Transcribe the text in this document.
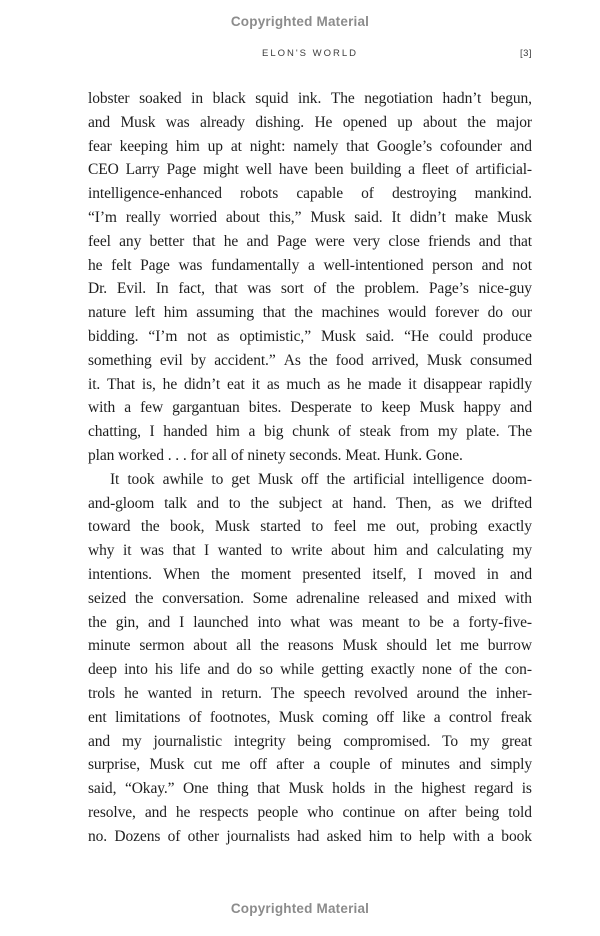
Copyrighted Material
ELON'S WORLD	[3]
lobster soaked in black squid ink. The negotiation hadn’t begun,
and Musk was already dishing. He opened up about the major
fear keeping him up at night: namely that Google’s cofounder and
CEO Larry Page might well have been building a fleet of artificial-
intelligence-enhanced robots capable of destroying mankind.
“I’m really worried about this,” Musk said. It didn’t make Musk
feel any better that he and Page were very close friends and that
he felt Page was fundamentally a well-intentioned person and not
Dr. Evil. In fact, that was sort of the problem. Page’s nice-guy
nature left him assuming that the machines would forever do our
bidding. “I’m not as optimistic,” Musk said. “He could produce
something evil by accident.” As the food arrived, Musk consumed
it. That is, he didn’t eat it as much as he made it disappear rapidly
with a few gargantuan bites. Desperate to keep Musk happy and
chatting, I handed him a big chunk of steak from my plate. The
plan worked . . . for all of ninety seconds. Meat. Hunk. Gone.
It took awhile to get Musk off the artificial intelligence doom-
and-gloom talk and to the subject at hand. Then, as we drifted
toward the book, Musk started to feel me out, probing exactly
why it was that I wanted to write about him and calculating my
intentions. When the moment presented itself, I moved in and
seized the conversation. Some adrenaline released and mixed with
the gin, and I launched into what was meant to be a forty-five-
minute sermon about all the reasons Musk should let me burrow
deep into his life and do so while getting exactly none of the con-
trols he wanted in return. The speech revolved around the inher-
ent limitations of footnotes, Musk coming off like a control freak
and my journalistic integrity being compromised. To my great
surprise, Musk cut me off after a couple of minutes and simply
said, “Okay.” One thing that Musk holds in the highest regard is
resolve, and he respects people who continue on after being told
no. Dozens of other journalists had asked him to help with a book
Copyrighted Material
